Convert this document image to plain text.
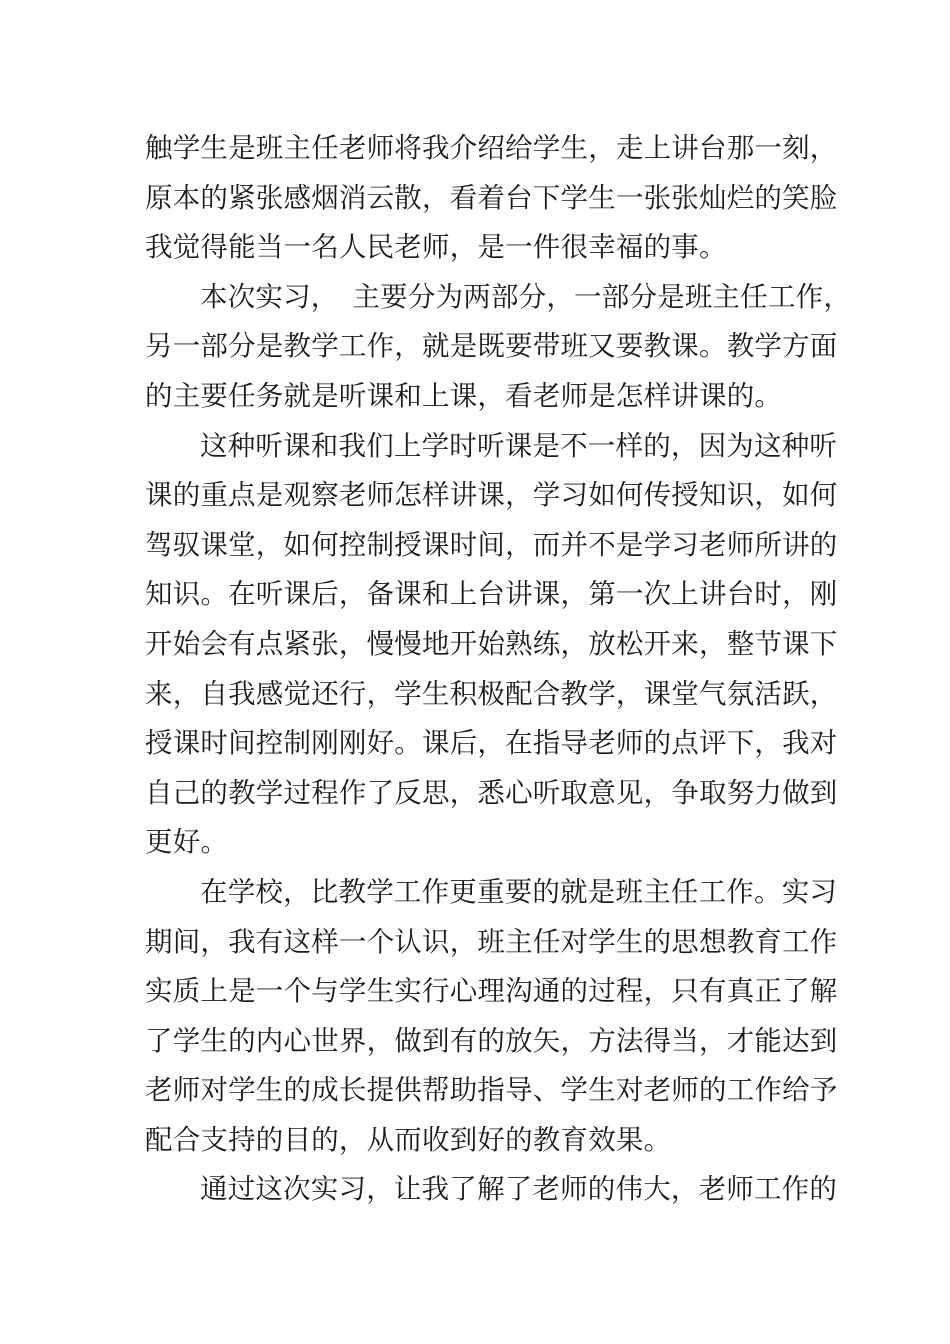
触学生是班主任老师将我介绍给学生，走上讲台那一刻，
原本的紧张感烟消云散，看着台下学生一张张灿烂的笑脸
我觉得能当一名人民老师，是一件很幸福的事。
本次实习，　主要分为两部分，一部分是班主任工作，
另一部分是教学工作，就是既要带班又要教课。教学方面
的主要任务就是听课和上课，看老师是怎样讲课的。
这种听课和我们上学时听课是不一样的，因为这种听
课的重点是观察老师怎样讲课，学习如何传授知识，如何
驾驭课堂，如何控制授课时间，而并不是学习老师所讲的
知识。在听课后，备课和上台讲课，第一次上讲台时，刚
开始会有点紧张，慢慢地开始熟练，放松开来，整节课下
来，自我感觉还行，学生积极配合教学，课堂气氛活跃，
授课时间控制刚刚好。课后，在指导老师的点评下，我对
自己的教学过程作了反思，悉心听取意见，争取努力做到
更好。
在学校，比教学工作更重要的就是班主任工作。实习
期间，我有这样一个认识，班主任对学生的思想教育工作
实质上是一个与学生实行心理沟通的过程，只有真正了解
了学生的内心世界，做到有的放矢，方法得当，才能达到
老师对学生的成长提供帮助指导、学生对老师的工作给予
配合支持的目的，从而收到好的教育效果。
通过这次实习，让我了解了老师的伟大，老师工作的
